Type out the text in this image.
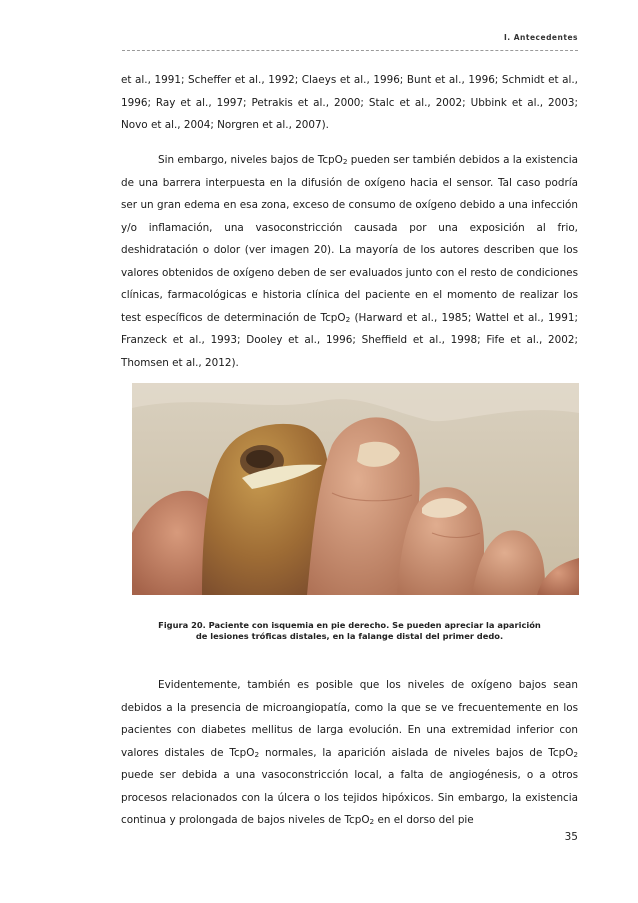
I. Antecedentes

et al., 1991; Scheffer et al., 1992; Claeys et al., 1996; Bunt et al., 1996; Schmidt et al., 1996; Ray et al., 1997; Petrakis et al., 2000; Stalc et al., 2002; Ubbink et al., 2003; Novo et al., 2004; Norgren et al., 2007).

Sin embargo, niveles bajos de TcpO$_2$ pueden ser también debidos a la existencia de una barrera interpuesta en la difusión de oxígeno hacia el sensor. Tal caso podría ser un gran edema en esa zona, exceso de consumo de oxígeno debido a una infección y/o inflamación, una vasoconstricción causada por una exposición al frio, deshidratación o dolor (ver imagen 20). La mayoría de los autores describen que los valores obtenidos de oxígeno deben de ser evaluados junto con el resto de condiciones clínicas, farmacológicas e historia clínica del paciente en el momento de realizar los test específicos de determinación de TcpO$_2$ (Harward et al., 1985; Wattel et al., 1991; Franzeck et al., 1993; Dooley et al., 1996; Sheffield et al., 1998; Fife et al., 2002; Thomsen et al., 2012).

Figura 20. Paciente con isquemia en pie derecho. Se pueden apreciar la aparición
de lesiones tróficas distales, en la falange distal del primer dedo.

Evidentemente, también es posible que los niveles de oxígeno bajos sean debidos a la presencia de microangiopatía, como la que se ve frecuentemente en los pacientes con diabetes mellitus de larga evolución. En una extremidad inferior con valores distales de TcpO$_2$ normales, la aparición aislada de niveles bajos de TcpO$_2$ puede ser debida a una vasoconstricción local, a falta de angiogénesis, o a otros procesos relacionados con la úlcera o los tejidos hipóxicos. Sin embargo, la existencia continua y prolongada de bajos niveles de TcpO$_2$ en el dorso del pie

35
